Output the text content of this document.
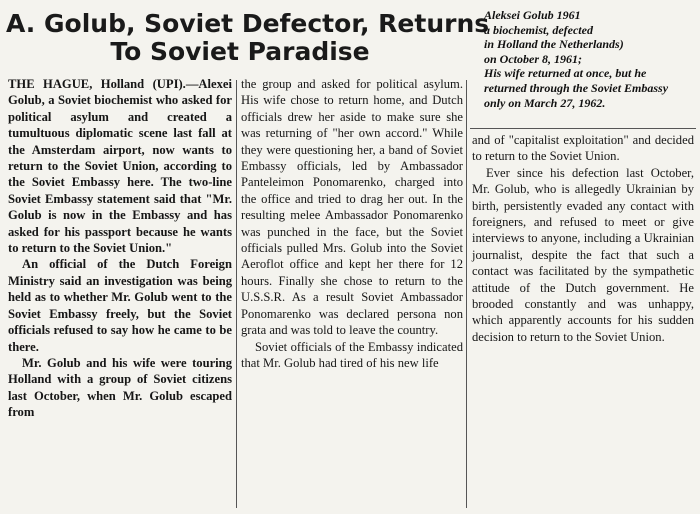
A. Golub, Soviet Defector, Returns
To Soviet Paradise
Aleksei Golub 1961
a biochemist, defected
in Holland the Netherlands)
on October 8, 1961;
His wife returned at once, but he
returned through the Soviet Embassy
only on March 27, 1962.

THE HAGUE, Holland (UPI).—Alexei Golub, a Soviet biochemist who asked for political asylum and created a tumultuous diplomatic scene last fall at the Amsterdam airport, now wants to return to the Soviet Union, according to the Soviet Embassy here. The two-line Soviet Embassy statement said that "Mr. Golub is now in the Embassy and has asked for his passport because he wants to return to the Soviet Union."

An official of the Dutch Foreign Ministry said an investigation was being held as to whether Mr. Golub went to the Soviet Embassy freely, but the Soviet officials refused to say how he came to be there.

Mr. Golub and his wife were touring Holland with a group of Soviet citizens last October, when Mr. Golub escaped from

the group and asked for political asylum. His wife chose to return home, and Dutch officials drew her aside to make sure she was returning of "her own accord." While they were questioning her, a band of Soviet Embassy officials, led by Ambassador Panteleimon Ponomarenko, charged into the office and tried to drag her out. In the resulting melee Ambassador Ponomarenko was punched in the face, but the Soviet officials pulled Mrs. Golub into the Soviet Aeroflot office and kept her there for 12 hours. Finally she chose to return to the U.S.S.R. As a result Soviet Ambassador Ponomarenko was declared persona non grata and was told to leave the country.

Soviet officials of the Embassy indicated that Mr. Golub had tired of his new life

and of "capitalist exploitation" and decided to return to the Soviet Union.

Ever since his defection last October, Mr. Golub, who is allegedly Ukrainian by birth, persistently evaded any contact with foreigners, and refused to meet or give interviews to anyone, including a Ukrainian journalist, despite the fact that such a contact was facilitated by the sympathetic attitude of the Dutch government. He brooded constantly and was unhappy, which apparently accounts for his sudden decision to return to the Soviet Union.
